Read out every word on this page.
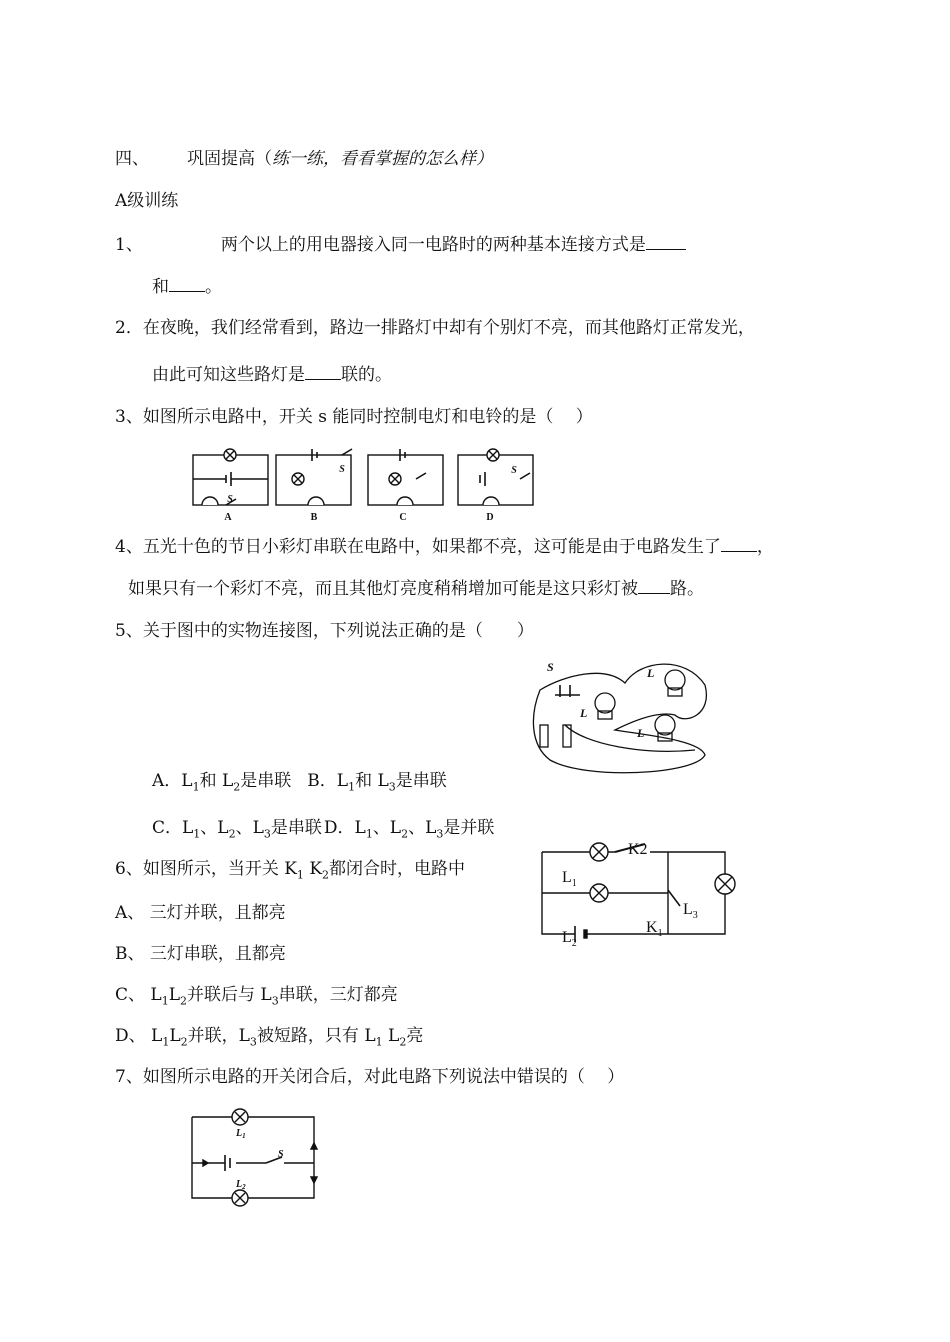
四、 巩固提高（练一练，看看掌握的怎么样）
A级训练
1、	两个以上的用电器接入同一电路时的两种基本连接方式是
和 。
2．在夜晚，我们经常看到，路边一排路灯中却有个别灯不亮，而其他路灯正常发光，
由此可知这些路灯是 联的。
3、如图所示电路中，开关 s 能同时控制电灯和电铃的是（　 ）
A	B	C	D
S
S	S
4、五光十色的节日小彩灯串联在电路中，如果都不亮，这可能是由于电路发生了 ，
如果只有一个彩灯不亮，而且其他灯亮度稍稍增加可能是这只彩灯被 路。
5、关于图中的实物连接图，下列说法正确的是（　　）
S	L
L
L
A．$L_1$和 $L_2$是串联 B．$L_1$和 $L_3$是串联
C．$L_1$、$L_2$、$L_3$是串联 D．$L_1$、$L_2$、$L_3$是并联
6、如图所示，当开关 $K_1$ $K_2$都闭合时，电路中
A、 三灯并联，且都亮
B、 三灯串联，且都亮
C、 $L_1L_2$并联后与 $L_3$串联，三灯都亮
D、 $L_1L_2$并联，$L_3$被短路，只有 $L_1$ $L_2$亮
K2
$L_1$
$L_3$
$K_1$
$L_2$
7、如图所示电路的开关闭合后，对此电路下列说法中错误的（　 ）
$L_1$
$L_2$
S
